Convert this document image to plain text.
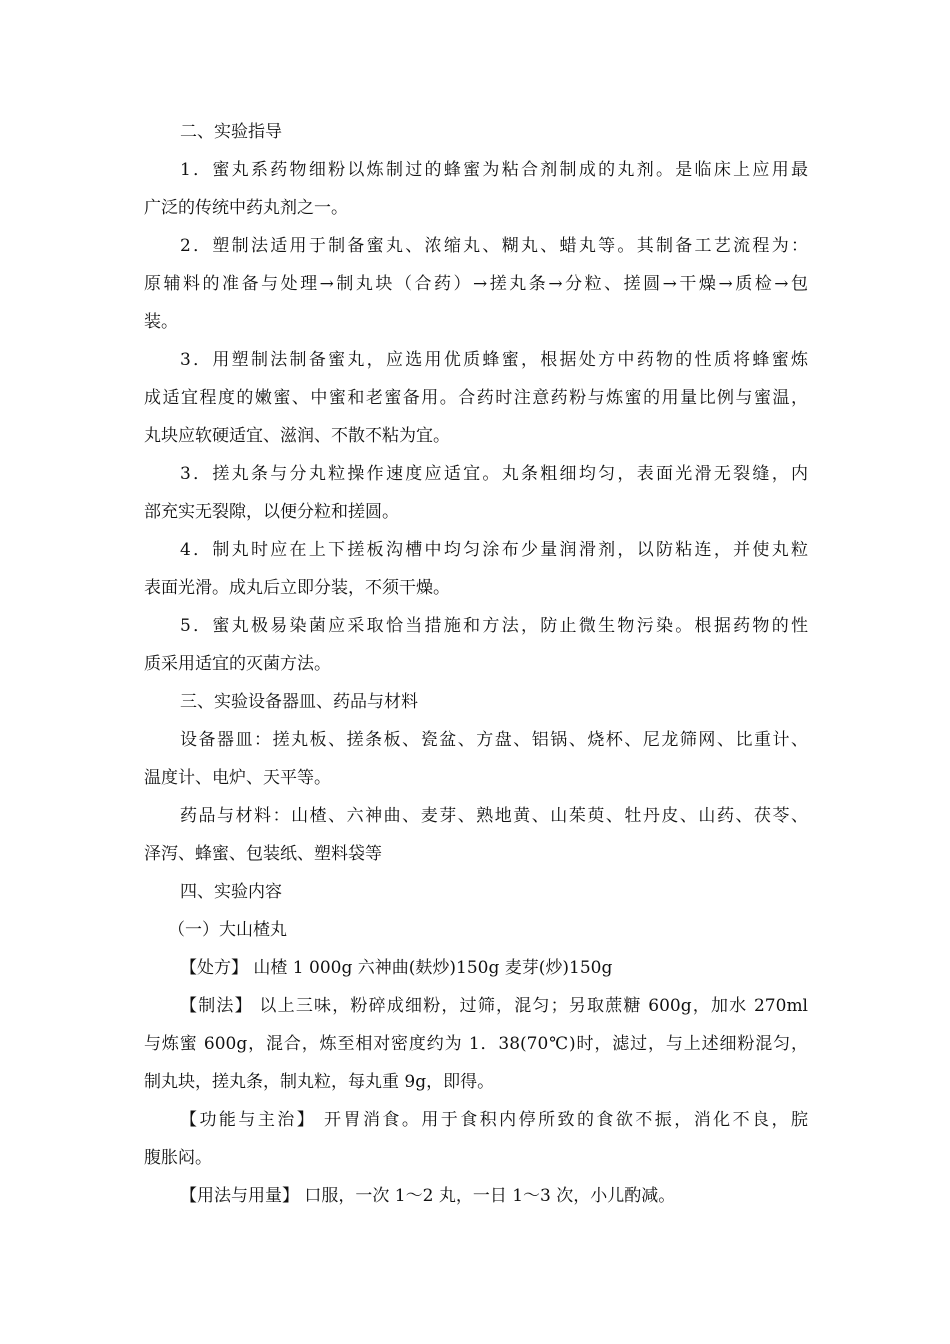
二、实验指导
1．蜜丸系药物细粉以炼制过的蜂蜜为粘合剂制成的丸剂。是临床上应用最
广泛的传统中药丸剂之一。
2．塑制法适用于制备蜜丸、浓缩丸、糊丸、蜡丸等。其制备工艺流程为：
原辅料的准备与处理→制丸块（合药）→搓丸条→分粒、搓圆→干燥→质检→包
装。
3．用塑制法制备蜜丸，应选用优质蜂蜜，根据处方中药物的性质将蜂蜜炼
成适宜程度的嫩蜜、中蜜和老蜜备用。合药时注意药粉与炼蜜的用量比例与蜜温，
丸块应软硬适宜、滋润、不散不粘为宜。
3．搓丸条与分丸粒操作速度应适宜。丸条粗细均匀，表面光滑无裂缝，内
部充实无裂隙，以便分粒和搓圆。
4．制丸时应在上下搓板沟槽中均匀涂布少量润滑剂，以防粘连，并使丸粒
表面光滑。成丸后立即分装，不须干燥。
5．蜜丸极易染菌应采取恰当措施和方法，防止微生物污染。根据药物的性
质采用适宜的灭菌方法。
三、实验设备器皿、药品与材料
设备器皿：搓丸板、搓条板、瓷盆、方盘、铝锅、烧杯、尼龙筛网、比重计、
温度计、电炉、天平等。
药品与材料：山楂、六神曲、麦芽、熟地黄、山茱萸、牡丹皮、山药、茯苓、
泽泻、蜂蜜、包装纸、塑料袋等
四、实验内容
（一）大山楂丸
【处方】 山楂 1 000g 六神曲(麸炒)150g 麦芽(炒)150g
【制法】 以上三味，粉碎成细粉，过筛，混匀；另取蔗糖 600g，加水 270ml
与炼蜜 600g，混合，炼至相对密度约为 1．38(70℃)时，滤过，与上述细粉混匀，
制丸块，搓丸条，制丸粒，每丸重 9g，即得。
【功能与主治】 开胃消食。用于食积内停所致的食欲不振，消化不良，脘
腹胀闷。
【用法与用量】 口服，一次 1～2 丸，一日 1～3 次，小儿酌减。
